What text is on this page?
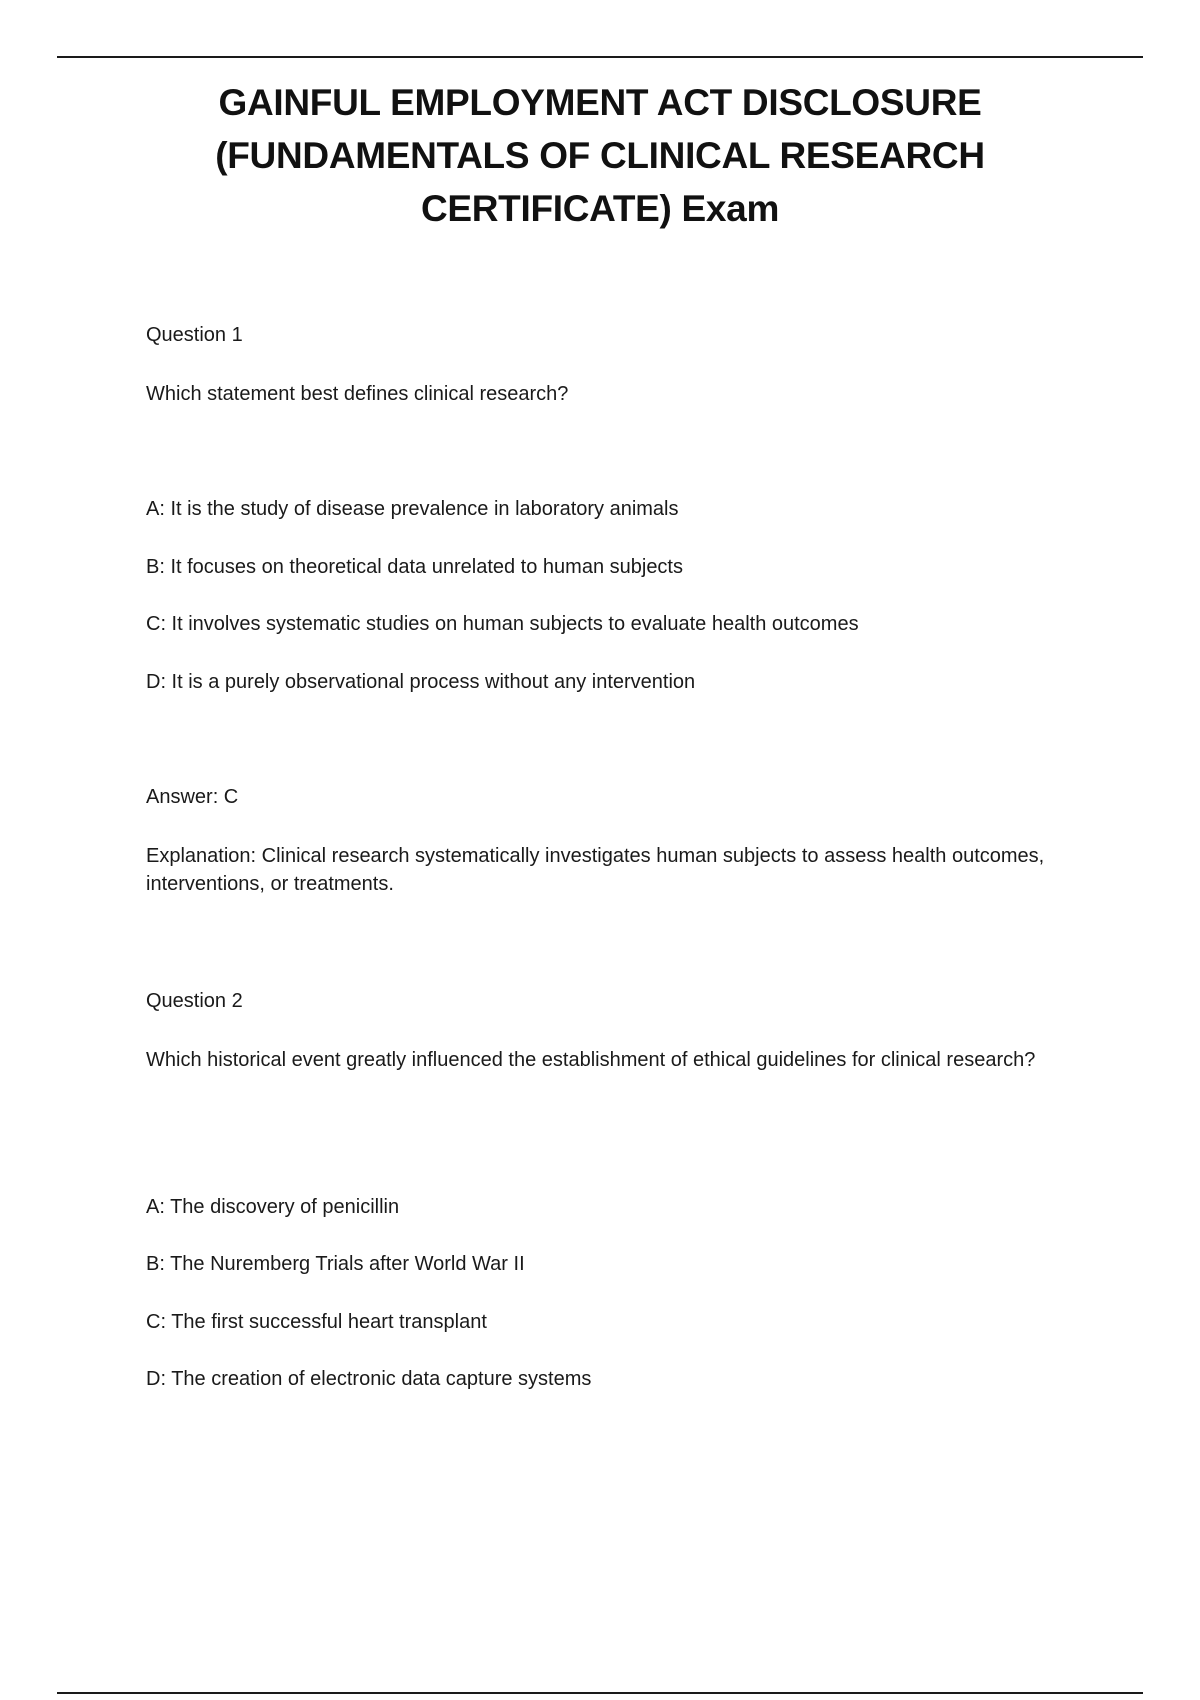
GAINFUL EMPLOYMENT ACT DISCLOSURE
(FUNDAMENTALS OF CLINICAL RESEARCH
CERTIFICATE) Exam

Question 1

Which statement best defines clinical research?

A: It is the study of disease prevalence in laboratory animals

B: It focuses on theoretical data unrelated to human subjects

C: It involves systematic studies on human subjects to evaluate health outcomes

D: It is a purely observational process without any intervention

Answer: C

Explanation: Clinical research systematically investigates human subjects to assess health outcomes, interventions, or treatments.

Question 2

Which historical event greatly influenced the establishment of ethical guidelines for clinical research?

A: The discovery of penicillin

B: The Nuremberg Trials after World War II

C: The first successful heart transplant

D: The creation of electronic data capture systems
